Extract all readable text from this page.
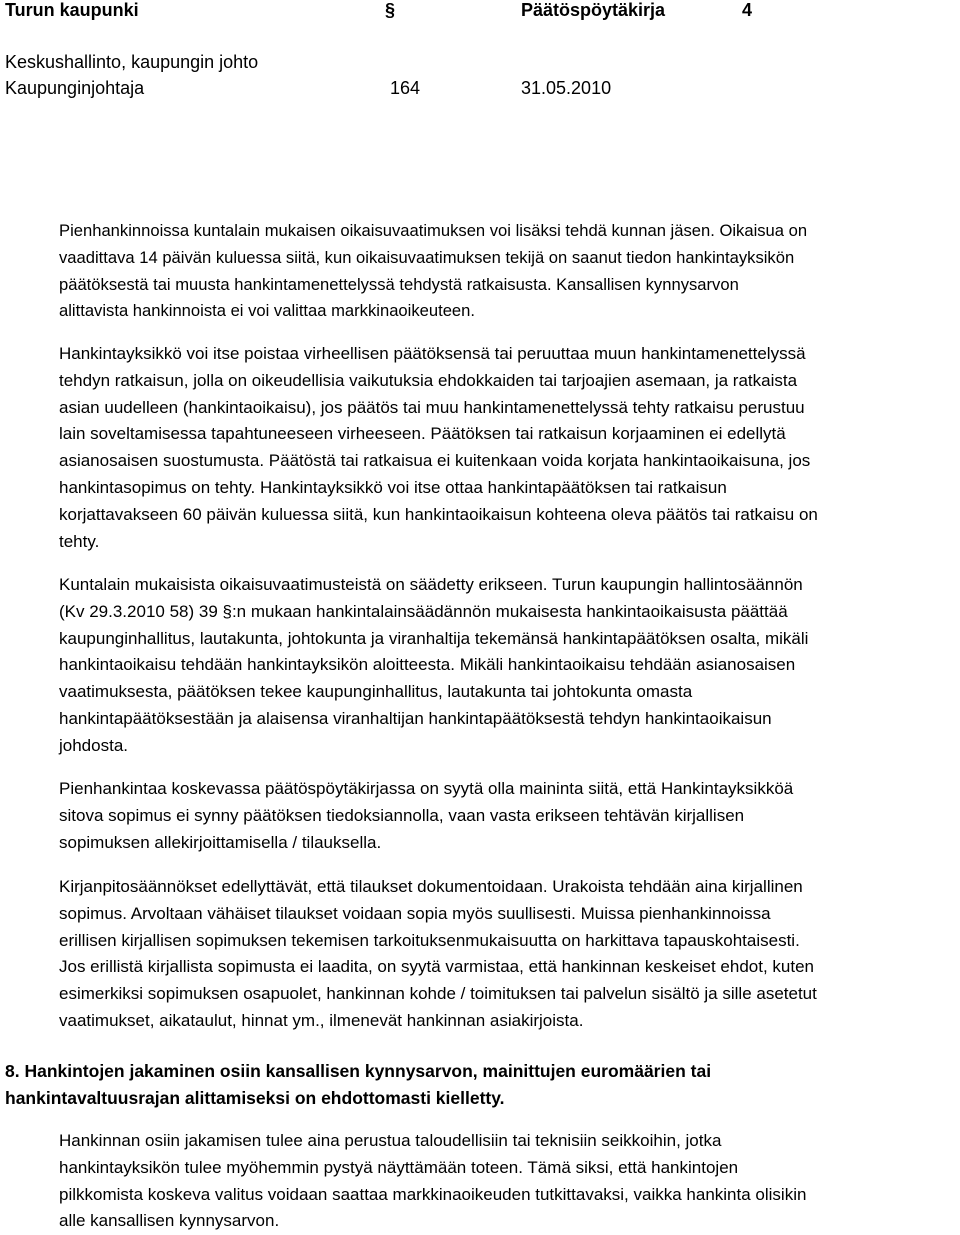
Turun kaupunki	§	Päätöspöytäkirja	4
Keskushallinto, kaupungin johto
Kaupunginjohtaja	164	31.05.2010
Pienhankinnoissa kuntalain mukaisen oikaisuvaatimuksen voi lisäksi tehdä kunnan jäsen. Oikaisua on
vaadittava 14 päivän kuluessa siitä, kun oikaisuvaatimuksen tekijä on saanut tiedon hankintayksikön
päätöksestä tai muusta hankintamenettelyssä tehdystä ratkaisusta. Kansallisen kynnysarvon
alittavista hankinnoista ei voi valittaa markkinaoikeuteen.
Hankintayksikkö voi itse poistaa virheellisen päätöksensä tai peruuttaa muun hankintamenettelyssä
tehdyn ratkaisun, jolla on oikeudellisia vaikutuksia ehdokkaiden tai tarjoajien asemaan, ja ratkaista
asian uudelleen (hankintaoikaisu), jos päätös tai muu hankintamenettelyssä tehty ratkaisu perustuu
lain soveltamisessa tapahtuneeseen virheeseen. Päätöksen tai ratkaisun korjaaminen ei edellytä
asianosaisen suostumusta. Päätöstä tai ratkaisua ei kuitenkaan voida korjata hankintaoikaisuna, jos
hankintasopimus on tehty. Hankintayksikkö voi itse ottaa hankintapäätöksen tai ratkaisun
korjattavakseen 60 päivän kuluessa siitä, kun hankintaoikaisun kohteena oleva päätös tai ratkaisu on
tehty.
Kuntalain mukaisista oikaisuvaatimusteistä on säädetty erikseen. Turun kaupungin hallintosäännön
(Kv 29.3.2010 58) 39 §:n mukaan hankintalainsäädännön mukaisesta hankintaoikaisusta päättää
kaupunginhallitus, lautakunta, johtokunta ja viranhaltija tekemänsä hankintapäätöksen osalta, mikäli
hankintaoikaisu tehdään hankintayksikön aloitteesta. Mikäli hankintaoikaisu tehdään asianosaisen
vaatimuksesta, päätöksen tekee kaupunginhallitus, lautakunta tai johtokunta omasta
hankintapäätöksestään ja alaisensa viranhaltijan hankintapäätöksestä tehdyn hankintaoikaisun
johdosta.
Pienhankintaa koskevassa päätöspöytäkirjassa on syytä olla maininta siitä, että Hankintayksikköä
sitova sopimus ei synny päätöksen tiedoksiannolla, vaan vasta erikseen tehtävän kirjallisen
sopimuksen allekirjoittamisella / tilauksella.
Kirjanpitosäännökset edellyttävät, että tilaukset dokumentoidaan. Urakoista tehdään aina kirjallinen
sopimus. Arvoltaan vähäiset tilaukset voidaan sopia myös suullisesti. Muissa pienhankinnoissa
erillisen kirjallisen sopimuksen tekemisen tarkoituksenmukaisuutta on harkittava tapauskohtaisesti.
Jos erillistä kirjallista sopimusta ei laadita, on syytä varmistaa, että hankinnan keskeiset ehdot, kuten
esimerkiksi sopimuksen osapuolet, hankinnan kohde / toimituksen tai palvelun sisältö ja sille asetetut
vaatimukset, aikataulut, hinnat ym., ilmenevät hankinnan asiakirjoista.
8. Hankintojen jakaminen osiin kansallisen kynnysarvon, mainittujen euromäärien tai
hankintavaltuusrajan alittamiseksi on ehdottomasti kielletty.
Hankinnan osiin jakamisen tulee aina perustua taloudellisiin tai teknisiin seikkoihin, jotka
hankintayksikön tulee myöhemmin pystyä näyttämään toteen. Tämä siksi, että hankintojen
pilkkomista koskeva valitus voidaan saattaa markkinaoikeuden tutkittavaksi, vaikka hankinta olisikin
alle kansallisen kynnysarvon.
